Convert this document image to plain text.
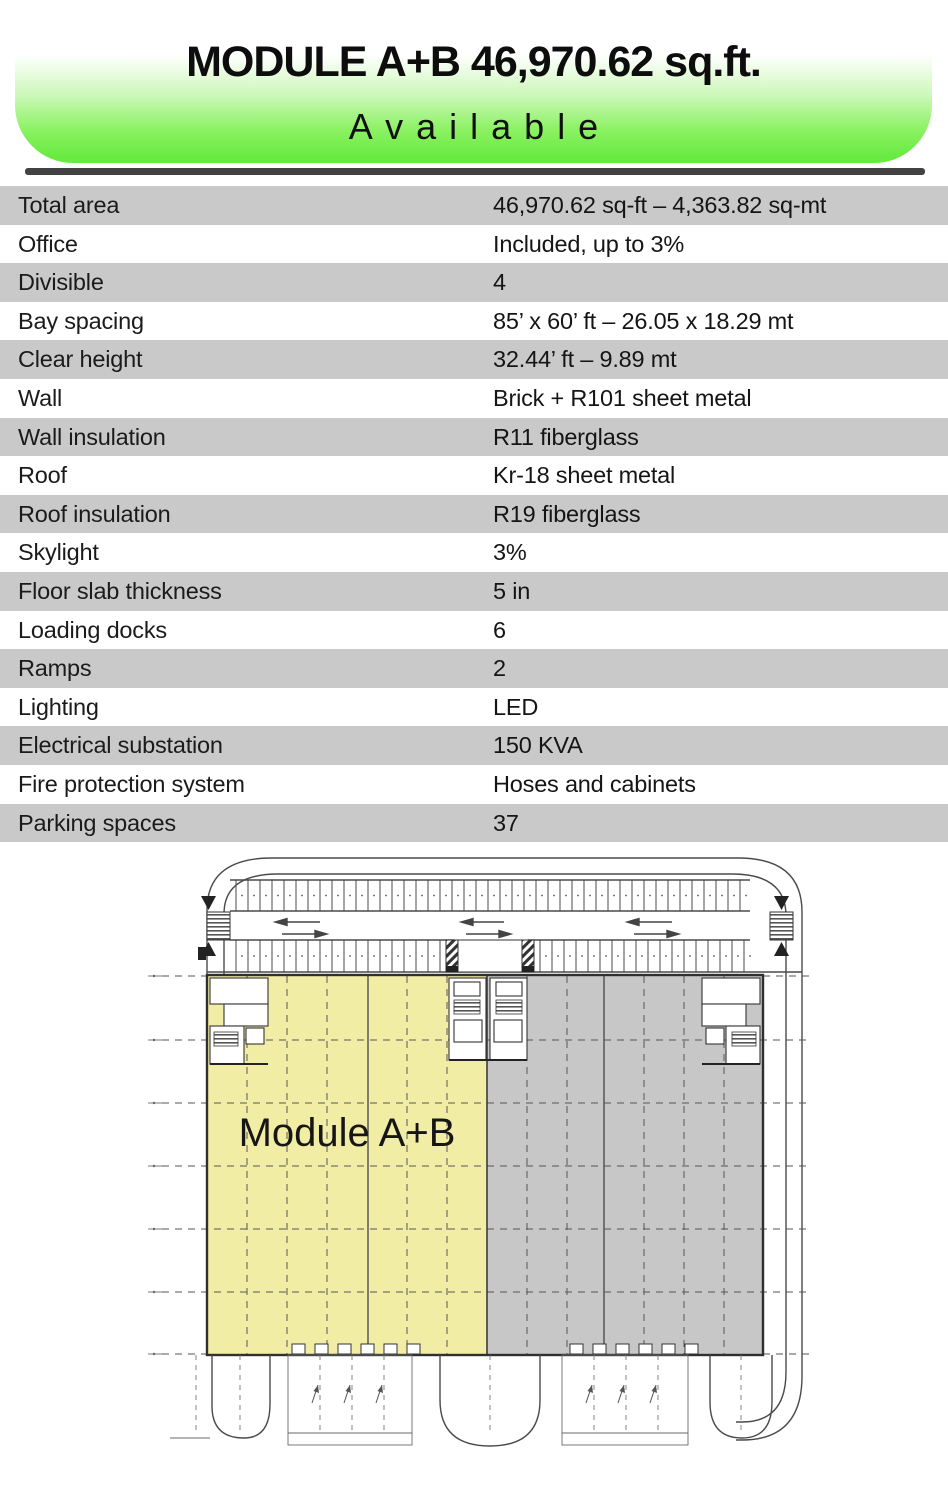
MODULE A+B 46,970.62 sq.ft.
Available
Total area	46,970.62 sq-ft – 4,363.82 sq-mt
Office	Included, up to 3%
Divisible	4
Bay spacing	85’ x 60’ ft – 26.05 x 18.29 mt
Clear height	32.44’ ft – 9.89 mt
Wall	Brick + R101 sheet metal
Wall insulation	R11 fiberglass
Roof	Kr-18 sheet metal
Roof insulation	R19 fiberglass
Skylight	3%
Floor slab thickness	5 in
Loading docks	6
Ramps	2
Lighting	LED
Electrical substation	150 KVA
Fire protection system	Hoses and cabinets
Parking spaces	37
Module A+B
